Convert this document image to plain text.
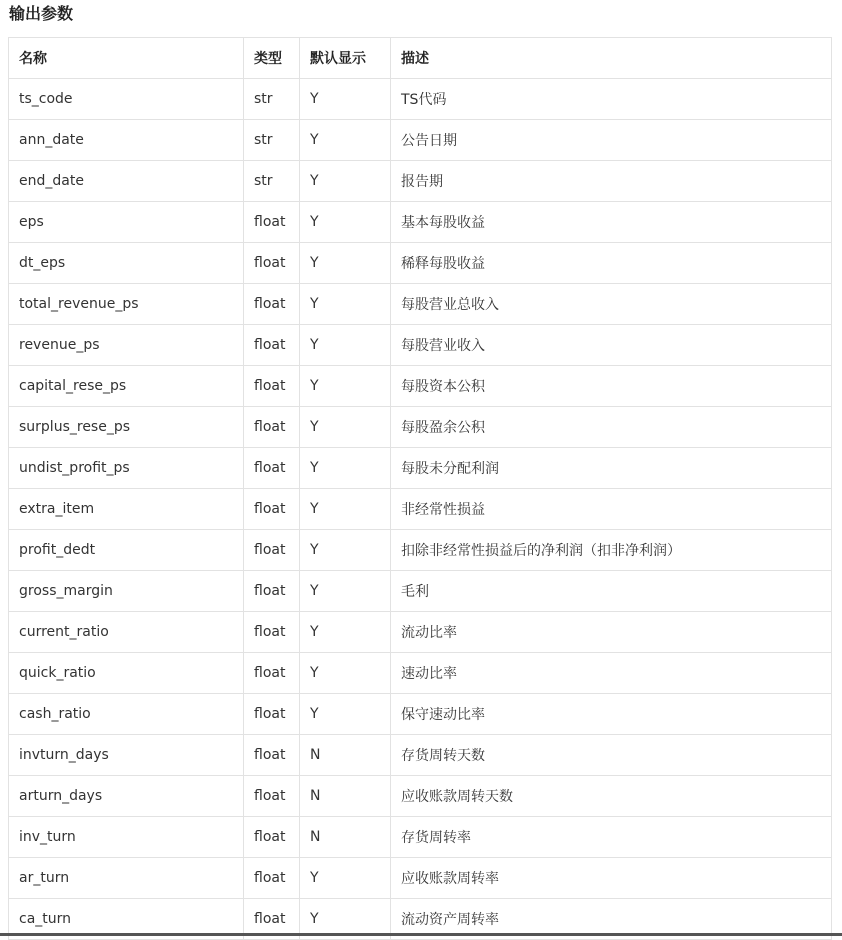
输出参数
名称	类型	默认显示	描述
ts_code	str	Y	TS代码
ann_date	str	Y	公告日期
end_date	str	Y	报告期
eps	float	Y	基本每股收益
dt_eps	float	Y	稀释每股收益
total_revenue_ps	float	Y	每股营业总收入
revenue_ps	float	Y	每股营业收入
capital_rese_ps	float	Y	每股资本公积
surplus_rese_ps	float	Y	每股盈余公积
undist_profit_ps	float	Y	每股未分配利润
extra_item	float	Y	非经常性损益
profit_dedt	float	Y	扣除非经常性损益后的净利润（扣非净利润）
gross_margin	float	Y	毛利
current_ratio	float	Y	流动比率
quick_ratio	float	Y	速动比率
cash_ratio	float	Y	保守速动比率
invturn_days	float	N	存货周转天数
arturn_days	float	N	应收账款周转天数
inv_turn	float	N	存货周转率
ar_turn	float	Y	应收账款周转率
ca_turn	float	Y	流动资产周转率
